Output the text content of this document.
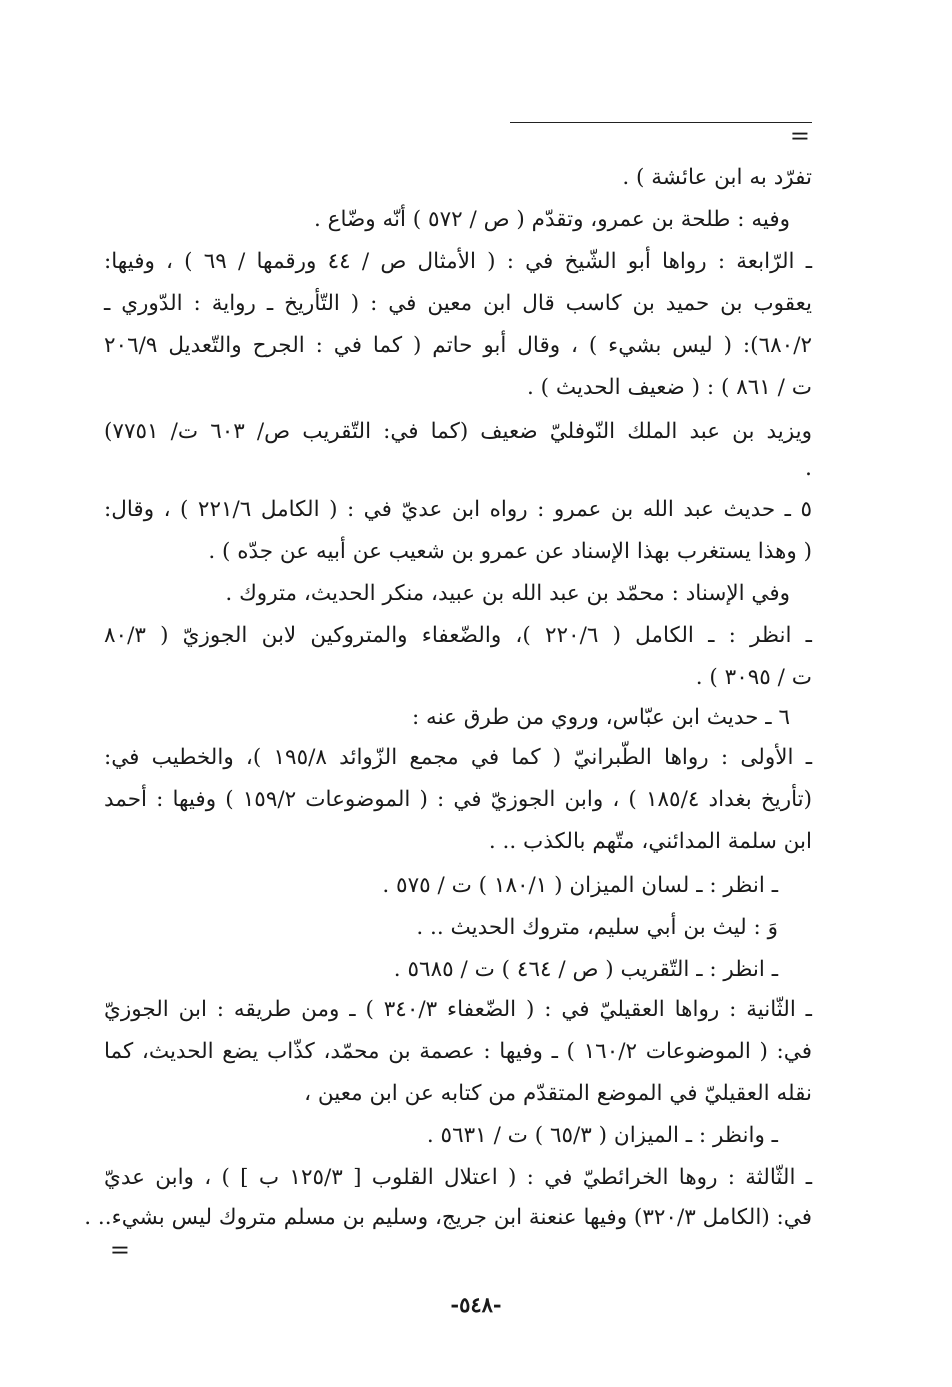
=
تفرّد به ابن عائشة ) .
وفيه : طلحة بن عمرو، وتقدّم ( ص / ٥٧٢ ) أنّه وضّاع .
ـ الرّابعة : رواها أبو الشّيخ في : ( الأمثال ص / ٤٤ ورقمها / ٦٩ ) ، وفيها:
يعقوب بن حميد بن كاسب قال ابن معين في : ( التّأريخ ـ رواية : الدّوري ـ
٦٨٠/٢): ( ليس بشيء ) ، وقال أبو حاتم ( كما في : الجرح والتّعديل ٢٠٦/٩
ت / ٨٦١ ) : ( ضعيف الحديث ) .
ويزيد بن عبد الملك النّوفليّ ضعيف (كما في: التّقريب ص/ ٦٠٣ ت/ ٧٧٥١)
.
٥ ـ حديث عبد الله بن عمرو : رواه ابن عديّ في : ( الكامل ٢٢١/٦ ) ، وقال:
( وهذا يستغرب بهذا الإسناد عن عمرو بن شعيب عن أبيه عن جدّه ) .
وفي الإسناد : محمّد بن عبد الله بن عبيد، منكر الحديث، متروك .
ـ انظر : ـ الكامل ( ٢٢٠/٦ )، والضّعفاء والمتروكين لابن الجوزيّ ( ٨٠/٣
ت / ٣٠٩٥ ) .
٦ ـ حديث ابن عبّاس، وروي من طرق عنه :
ـ الأولى : رواها الطّبرانيّ ( كما في مجمع الزّوائد ١٩٥/٨ )، والخطيب في:
(تأريخ بغداد ١٨٥/٤ ) ، وابن الجوزيّ في : ( الموضوعات ١٥٩/٢ ) وفيها : أحمد
ابن سلمة المدائني، متّهم بالكذب .. .
ـ انظر : ـ لسان الميزان ( ١٨٠/١ ) ت / ٥٧٥ .
وَ : ليث بن أبي سليم، متروك الحديث .. .
ـ انظر : ـ التّقريب ( ص / ٤٦٤ ) ت / ٥٦٨٥ .
ـ الثّانية : رواها العقيليّ في : ( الضّعفاء ٣٤٠/٣ ) ـ ومن طريقه : ابن الجوزيّ
في: ( الموضوعات ١٦٠/٢ ) ـ وفيها : عصمة بن محمّد، كذّاب يضع الحديث، كما
نقله العقيليّ في الموضع المتقدّم من كتابه عن ابن معين ،
ـ وانظر : ـ الميزان ( ٦٥/٣ ) ت / ٥٦٣١ .
ـ الثّالثة : روها الخرائطيّ في : ( اعتلال القلوب [ ١٢٥/٣ ب ] ) ، وابن عديّ
في: (الكامل ٣٢٠/٣) وفيها عنعنة ابن جريج، وسليم بن مسلم متروك ليس بشيء.. .
=
-٥٤٨-
